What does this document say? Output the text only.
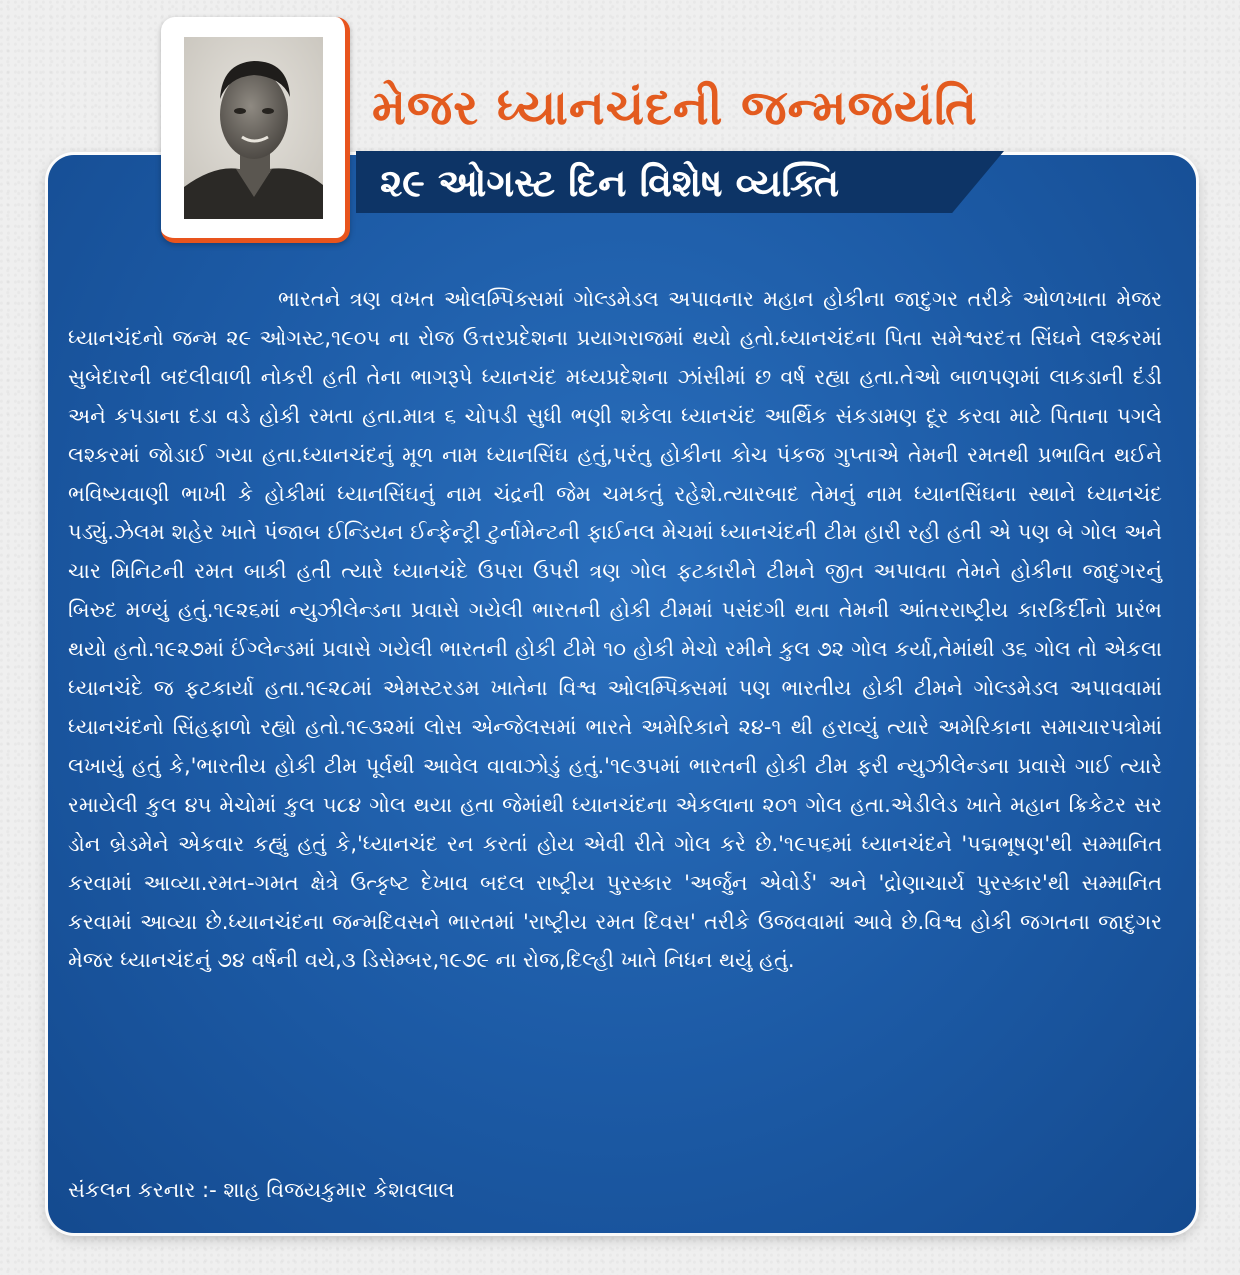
મેજર ધ્યાનચંદની જન્મજયંતિ
૨૯ ઓગસ્ટ દિન વિશેષ વ્યક્તિ

ભારતને ત્રણ વખત ઓલમ્પિક્સમાં ગોલ્ડમેડલ અપાવનાર મહાન હોકીના જાદુગર તરીકે ઓળખાતા મેજર ધ્યાનચંદનો જન્મ ૨૯ ઓગસ્ટ,૧૯૦૫ ના રોજ ઉત્તરપ્રદેશના પ્રયાગરાજમાં થયો હતો.ધ્યાનચંદના પિતા સમેશ્વરદત્ત સિંઘને લશ્કરમાં સુબેદારની બદલીવાળી નોકરી હતી તેના ભાગરૂપે ધ્યાનચંદ મધ્યપ્રદેશના ઝાંસીમાં છ વર્ષ રહ્યા હતા.તેઓ બાળપણમાં લાકડાની દંડી અને કપડાના દડા વડે હોકી રમતા હતા.માત્ર ૬ ચોપડી સુધી ભણી શકેલા ધ્યાનચંદ આર્થિક સંકડામણ દૂર કરવા માટે પિતાના પગલે લશ્કરમાં જોડાઈ ગયા હતા.ધ્યાનચંદનું મૂળ નામ ધ્યાનસિંઘ હતું,પરંતુ હોકીના કોચ પંકજ ગુપ્તાએ તેમની રમતથી પ્રભાવિત થઈને ભવિષ્યવાણી ભાખી કે હોકીમાં ધ્યાનસિંઘનું નામ ચંદ્રની જેમ ચમકતું રહેશે.ત્યારબાદ તેમનું નામ ધ્યાનસિંઘના સ્થાને ધ્યાનચંદ પડ્યું.ઝેલમ શહેર ખાતે પંજાબ ઈન્ડિયન ઈન્ફેન્ટ્રી ટુર્નામેન્ટની ફાઈનલ મેચમાં ધ્યાનચંદની ટીમ હારી રહી હતી એ પણ બે ગોલ અને ચાર મિનિટની રમત બાકી હતી ત્યારે ધ્યાનચંદે ઉપરા ઉપરી ત્રણ ગોલ ફટકારીને ટીમને જીત અપાવતા તેમને હોકીના જાદુગરનું બિરુદ મળ્યું હતું.૧૯૨૬માં ન્યુઝીલેન્ડના પ્રવાસે ગયેલી ભારતની હોકી ટીમમાં પસંદગી થતા તેમની આંતરરાષ્ટ્રીય કારકિર્દીનો પ્રારંભ થયો હતો.૧૯૨૭માં ઈંગ્લેન્ડમાં પ્રવાસે ગયેલી ભારતની હોકી ટીમે ૧૦ હોકી મેચો રમીને કુલ ૭૨ ગોલ કર્યા,તેમાંથી ૩૬ ગોલ તો એકલા ધ્યાનચંદે જ ફટકાર્યા હતા.૧૯૨૮માં એમસ્ટરડમ ખાતેના વિશ્વ ઓલમ્પિક્સમાં પણ ભારતીય હોકી ટીમને ગોલ્ડમેડલ અપાવવામાં ધ્યાનચંદનો સિંહફાળો રહ્યો હતો.૧૯૩૨માં લોસ એન્જેલસમાં ભારતે અમેરિકાને ૨૪-૧ થી હરાવ્યું ત્યારે અમેરિકાના સમાચારપત્રોમાં લખાયું હતું કે,'ભારતીય હોકી ટીમ પૂર્વથી આવેલ વાવાઝોડું હતું.'૧૯૩૫માં ભારતની હોકી ટીમ ફરી ન્યુઝીલેન્ડના પ્રવાસે ગાઈ ત્યારે રમાયેલી કુલ ૪૫ મેચોમાં કુલ ૫૮૪ ગોલ થયા હતા જેમાંથી ધ્યાનચંદના એકલાના ૨૦૧ ગોલ હતા.એડીલેડ ખાતે મહાન ક્રિકેટર સર ડોન બ્રેડમેને એકવાર કહ્યું હતું કે,'ધ્યાનચંદ રન કરતાં હોય એવી રીતે ગોલ કરે છે.'૧૯૫૬માં ધ્યાનચંદને 'પદ્મભૂષણ'થી સમ્માનિત કરવામાં આવ્યા.રમત-ગમત ક્ષેત્રે ઉત્કૃષ્ટ દેખાવ બદલ રાષ્ટ્રીય પુરસ્કાર 'અર્જુન એવોર્ડ' અને 'દ્રોણાચાર્ય પુરસ્કાર'થી સમ્માનિત કરવામાં આવ્યા છે.ધ્યાનચંદના જન્મદિવસને ભારતમાં 'રાષ્ટ્રીય રમત દિવસ' તરીકે ઉજવવામાં આવે છે.વિશ્વ હોકી જગતના જાદુગર મેજર ધ્યાનચંદનું ૭૪ વર્ષની વયે,૩ ડિસેમ્બર,૧૯૭૯ ના રોજ,દિલ્હી ખાતે નિધન થયું હતું.

સંકલન કરનાર :- શાહ વિજયકુમાર કેશવલાલ
